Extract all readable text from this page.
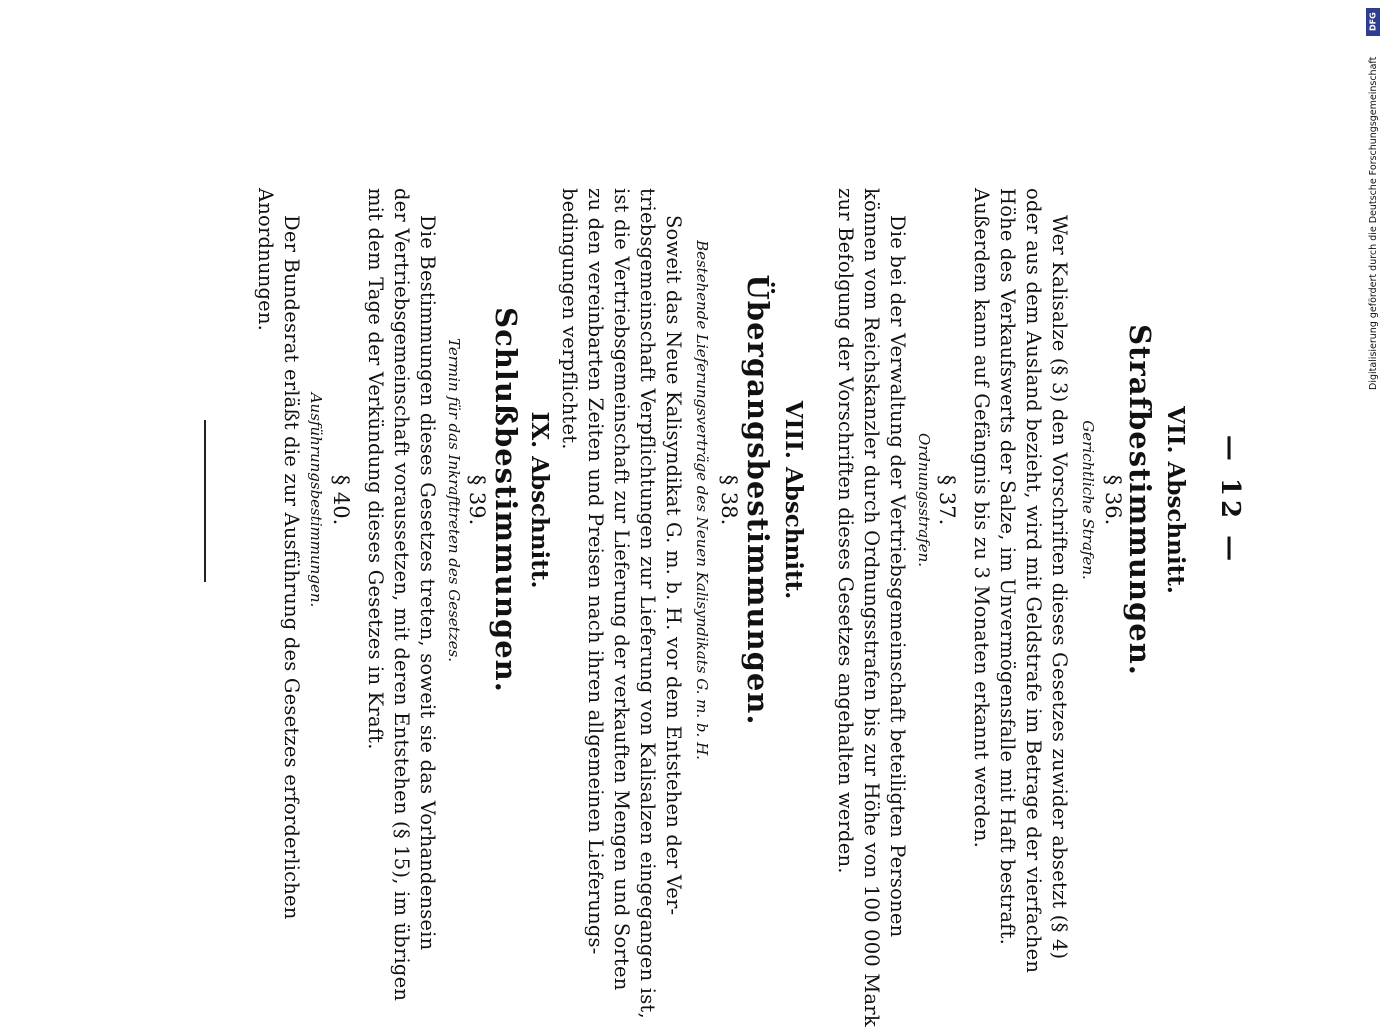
DFG
Digitalisierung gefördert durch die Deutsche Forschungsgemeinschaft
— 12 —
VII. Abschnitt.
Strafbestimmungen.
§ 36.
Gerichtliche Strafen.
Wer Kalisalze (§ 3) den Vorschriften dieses Gesetzes zuwider absetzt (§ 4)
oder aus dem Ausland bezieht, wird mit Geldstrafe im Betrage der vierfachen
Höhe des Verkaufswerts der Salze, im Unvermögensfalle mit Haft bestraft.
Außerdem kann auf Gefängnis bis zu 3 Monaten erkannt werden.
§ 37.
Ordnungsstrafen.
Die bei der Verwaltung der Vertriebsgemeinschaft beteiligten Personen
können vom Reichskanzler durch Ordnungsstrafen bis zur Höhe von 100 000 Mark
zur Befolgung der Vorschriften dieses Gesetzes angehalten werden.
VIII. Abschnitt.
Übergangsbestimmungen.
§ 38.
Bestehende Lieferungsverträge des Neuen Kalisyndikats G. m. b. H.
Soweit das Neue Kalisyndikat G. m. b. H. vor dem Entstehen der Ver-
triebsgemeinschaft Verpflichtungen zur Lieferung von Kalisalzen eingegangen ist,
ist die Vertriebsgemeinschaft zur Lieferung der verkauften Mengen und Sorten
zu den vereinbarten Zeiten und Preisen nach ihren allgemeinen Lieferungs-
bedingungen verpflichtet.
IX. Abschnitt.
Schlußbestimmungen.
§ 39.
Termin für das Inkrafttreten des Gesetzes.
Die Bestimmungen dieses Gesetzes treten, soweit sie das Vorhandensein
der Vertriebsgemeinschaft voraussetzen, mit deren Entstehen (§ 15), im übrigen
mit dem Tage der Verkündung dieses Gesetzes in Kraft.
§ 40.
Ausführungsbestimmungen.
Der Bundesrat erläßt die zur Ausführung des Gesetzes erforderlichen
Anordnungen.
